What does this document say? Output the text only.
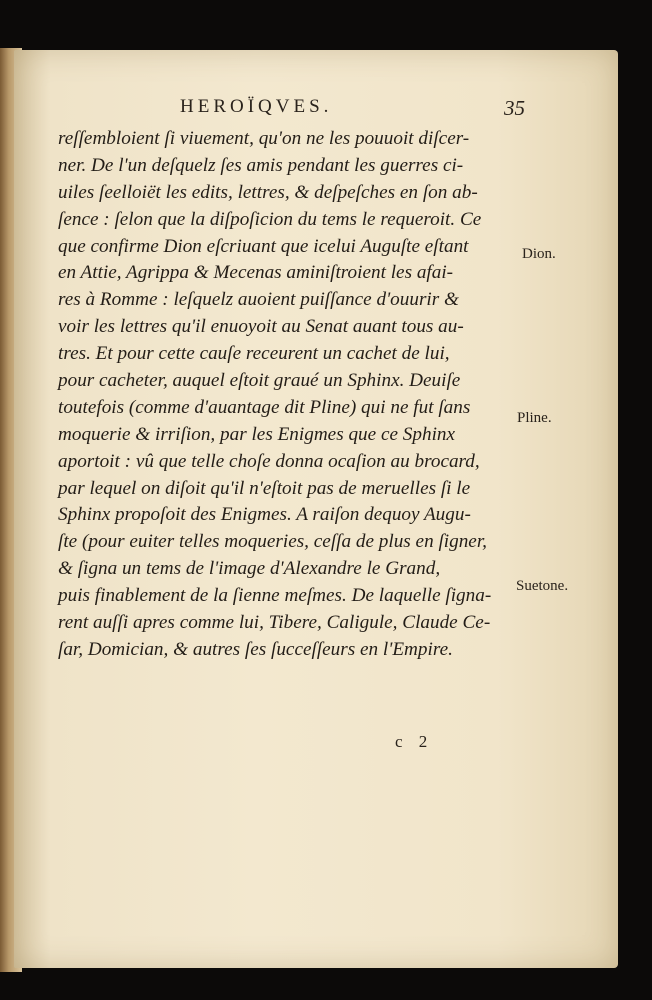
HEROÏQVES.	35
reſſembloient ſi viuement, qu'on ne les pouuoit diſcer-
ner. De l'un deſquelz ſes amis pendant les guerres ci-
uiles ſeelloiët les edits, lettres, & deſpeſches en ſon ab-
ſence : ſelon que la diſpoſicion du tems le requeroit. Ce
que confirme Dion eſcriuant que icelui Auguſte eſtant
en Attie, Agrippa & Mecenas aminiſtroient les afai-
res à Romme : leſquelz auoient puiſſance d'ouurir &
voir les lettres qu'il enuoyoit au Senat auant tous au-
tres. Et pour cette cauſe receurent un cachet de lui,
pour cacheter, auquel eſtoit graué un Sphinx. Deuiſe
toutefois (comme d'auantage dit Pline) qui ne fut ſans
moquerie & irriſion, par les Enigmes que ce Sphinx
aportoit : vû que telle choſe donna ocaſion au brocard,
par lequel on diſoit qu'il n'eſtoit pas de meruelles ſi le
Sphinx propoſoit des Enigmes. A raiſon dequoy Augu-
ſte (pour euiter telles moqueries, ceſſa de plus en ſigner,
& ſigna un tems de l'image d'Alexandre le Grand,
puis finablement de la ſienne meſmes. De laquelle ſigna-
rent auſſi apres comme lui, Tibere, Caligule, Claude Ce-
ſar, Domician, & autres ſes ſucceſſeurs en l'Empire.
Dion.
Pline.
Suetone.
c 2
